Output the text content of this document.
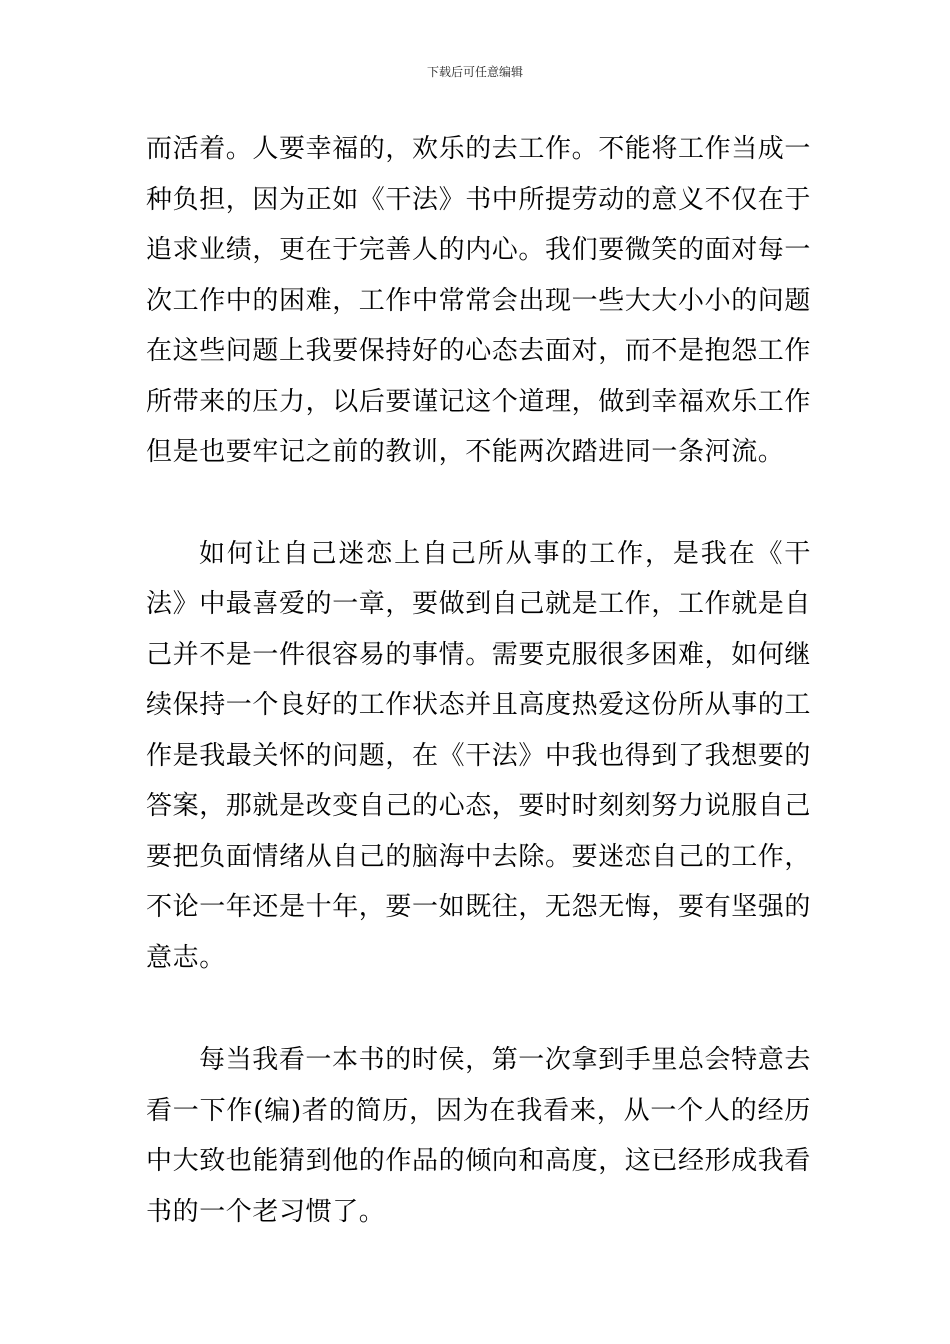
下载后可任意编辑

而活着。人要幸福的，欢乐的去工作。不能将工作当成一种负担，因为正如《干法》书中所提劳动的意义不仅在于追求业绩，更在于完善人的内心。我们要微笑的面对每一次工作中的困难，工作中常常会出现一些大大小小的问题在这些问题上我要保持好的心态去面对，而不是抱怨工作所带来的压力，以后要谨记这个道理，做到幸福欢乐工作但是也要牢记之前的教训，不能两次踏进同一条河流。

如何让自己迷恋上自己所从事的工作，是我在《干法》中最喜爱的一章，要做到自己就是工作，工作就是自己并不是一件很容易的事情。需要克服很多困难，如何继续保持一个良好的工作状态并且高度热爱这份所从事的工作是我最关怀的问题，在《干法》中我也得到了我想要的答案，那就是改变自己的心态，要时时刻刻努力说服自己要把负面情绪从自己的脑海中去除。要迷恋自己的工作，不论一年还是十年，要一如既往，无怨无悔，要有坚强的意志。

每当我看一本书的时侯，第一次拿到手里总会特意去看一下作(编)者的简历，因为在我看来，从一个人的经历中大致也能猜到他的作品的倾向和高度，这已经形成我看书的一个老习惯了。
